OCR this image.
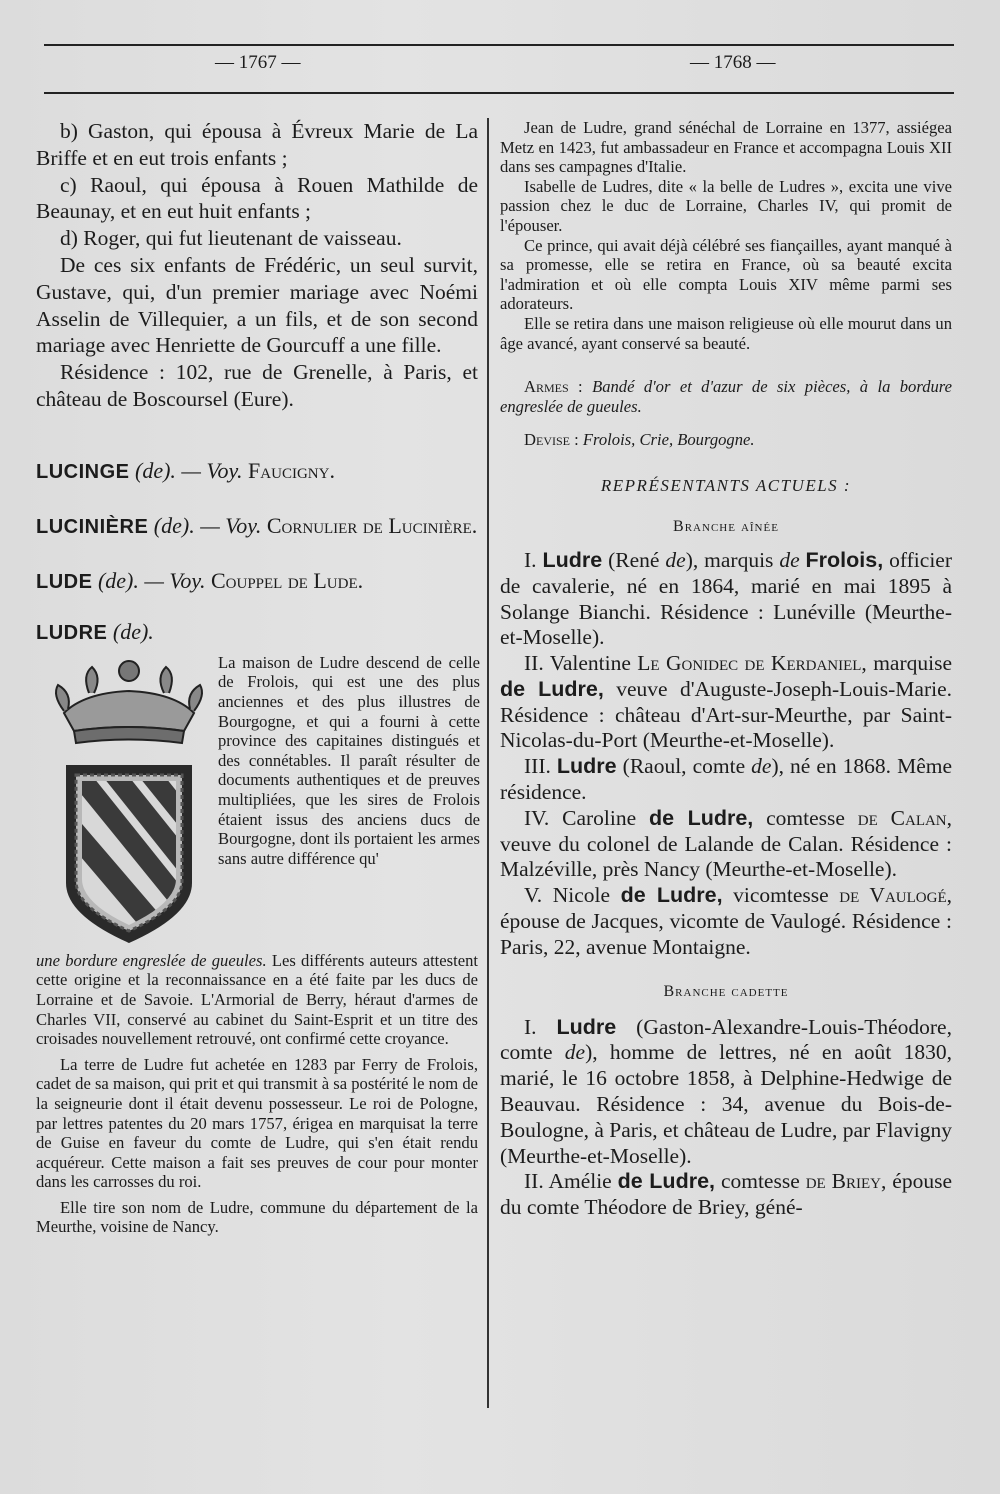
— 1767 —	— 1768 —

b) Gaston, qui épousa à Évreux Marie de La Briffe et en eut trois enfants ;

c) Raoul, qui épousa à Rouen Mathilde de Beaunay, et en eut huit enfants ;

d) Roger, qui fut lieutenant de vaisseau.

De ces six enfants de Frédéric, un seul survit, Gustave, qui, d'un premier mariage avec Noémi Asselin de Villequier, a un fils, et de son second mariage avec Henriette de Gourcuff a une fille.

Résidence : 102, rue de Grenelle, à Paris, et château de Boscoursel (Eure).

LUCINGE (de). — Voy. Faucigny.
LUCINIÈRE (de). — Voy. Cornulier de Lucinière.
LUDE (de). — Voy. Couppel de Lude.
LUDRE (de).
La maison de Ludre descend de celle de Frolois, qui est une des plus anciennes et des plus illustres de Bourgogne, et qui a fourni à cette province des capitaines distingués et des connétables. Il paraît résulter de documents authentiques et de preuves multipliées, que les sires de Frolois étaient issus des anciens ducs de Bourgogne, dont ils portaient les armes sans autre différence qu'

une bordure engreslée de gueules. Les différents auteurs attestent cette origine et la reconnaissance en a été faite par les ducs de Lorraine et de Savoie. L'Armorial de Berry, héraut d'armes de Charles VII, conservé au cabinet du Saint-Esprit et un titre des croisades nouvellement retrouvé, ont confirmé cette croyance.

La terre de Ludre fut achetée en 1283 par Ferry de Frolois, cadet de sa maison, qui prit et qui transmit à sa postérité le nom de la seigneurie dont il était devenu possesseur. Le roi de Pologne, par lettres patentes du 20 mars 1757, érigea en marquisat la terre de Guise en faveur du comte de Ludre, qui s'en était rendu acquéreur. Cette maison a fait ses preuves de cour pour monter dans les carrosses du roi.

Elle tire son nom de Ludre, commune du département de la Meurthe, voisine de Nancy.

Jean de Ludre, grand sénéchal de Lorraine en 1377, assiégea Metz en 1423, fut ambassadeur en France et accompagna Louis XII dans ses campagnes d'Italie.

Isabelle de Ludres, dite « la belle de Ludres », excita une vive passion chez le duc de Lorraine, Charles IV, qui promit de l'épouser.

Ce prince, qui avait déjà célébré ses fiançailles, ayant manqué à sa promesse, elle se retira en France, où sa beauté excita l'admiration et où elle compta Louis XIV même parmi ses adorateurs.

Elle se retira dans une maison religieuse où elle mourut dans un âge avancé, ayant conservé sa beauté.

Armes : Bandé d'or et d'azur de six pièces, à la bordure engreslée de gueules.

Devise : Frolois, Crie, Bourgogne.

REPRÉSENTANTS ACTUELS :
Branche aînée

I. Ludre (René de), marquis de Frolois, officier de cavalerie, né en 1864, marié en mai 1895 à Solange Bianchi. Résidence : Lunéville (Meurthe-et-Moselle).

II. Valentine Le Gonidec de Kerdaniel, marquise de Ludre, veuve d'Auguste-Joseph-Louis-Marie. Résidence : château d'Art-sur-Meurthe, par Saint-Nicolas-du-Port (Meurthe-et-Moselle).

III. Ludre (Raoul, comte de), né en 1868. Même résidence.

IV. Caroline de Ludre, comtesse de Calan, veuve du colonel de Lalande de Calan. Résidence : Malzéville, près Nancy (Meurthe-et-Moselle).

V. Nicole de Ludre, vicomtesse de Vaulogé, épouse de Jacques, vicomte de Vaulogé. Résidence : Paris, 22, avenue Montaigne.

Branche cadette

I. Ludre (Gaston-Alexandre-Louis-Théodore, comte de), homme de lettres, né en août 1830, marié, le 16 octobre 1858, à Delphine-Hedwige de Beauvau. Résidence : 34, avenue du Bois-de-Boulogne, à Paris, et château de Ludre, par Flavigny (Meurthe-et-Moselle).

II. Amélie de Ludre, comtesse de Briey, épouse du comte Théodore de Briey, géné-
